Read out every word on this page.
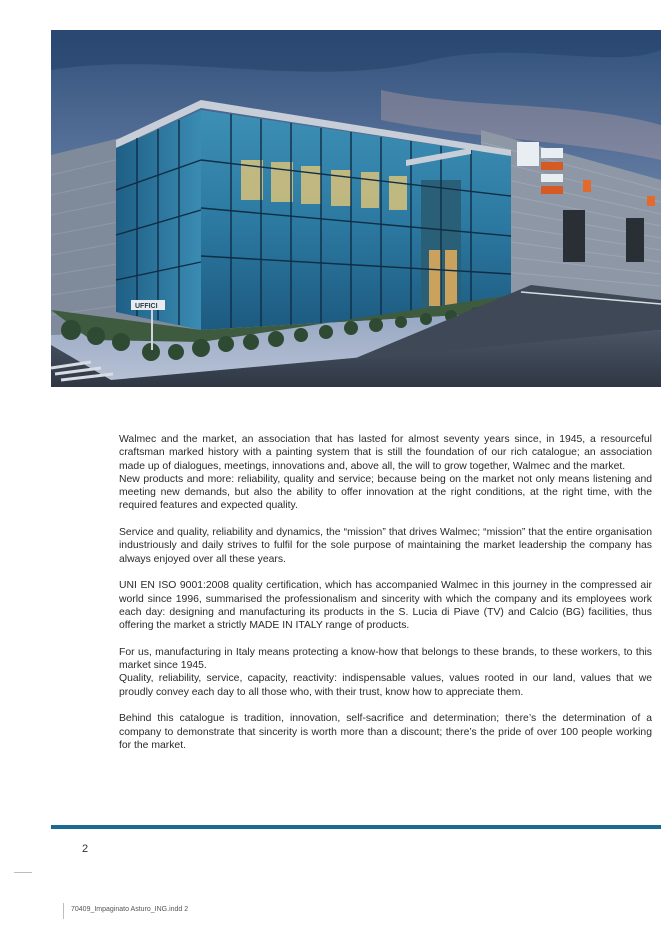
UFFICI

Walmec and the market, an association that has lasted for almost seventy years since, in 1945, a resourceful craftsman marked history with a painting system that is still the foundation of our rich catalogue; an association made up of dialogues, meetings, innovations and, above all, the will to grow together, Walmec and the market.

New products and more: reliability, quality and service; because being on the market not only means listening and meeting new demands, but also the ability to offer innovation at the right conditions, at the right time, with the required features and expected quality.

Service and quality, reliability and dynamics, the “mission” that drives Walmec; “mission” that the entire organisation industriously and daily strives to fulfil for the sole purpose of maintaining the market leadership the company has always enjoyed over all these years.

UNI EN ISO 9001:2008 quality certification, which has accompanied Walmec in this journey in the compressed air world since 1996, summarised the professionalism and sincerity with which the company and its employees work each day: designing and manufacturing its products in the S. Lucia di Piave (TV) and Calcio (BG) facilities, thus offering the market a strictly MADE IN ITALY range of products.

For us, manufacturing in Italy means protecting a know-how that belongs to these brands, to these workers, to this market since 1945.

Quality, reliability, service, capacity, reactivity: indispensable values, values rooted in our land, values that we proudly convey each day to all those who, with their trust, know how to appreciate them.

Behind this catalogue is tradition, innovation, self-sacrifice and determination; there’s the determination of a company to demonstrate that sincerity is worth more than a discount; there’s the pride of over 100 people working for the market.

2
70409_Impaginato Asturo_ING.indd 2
